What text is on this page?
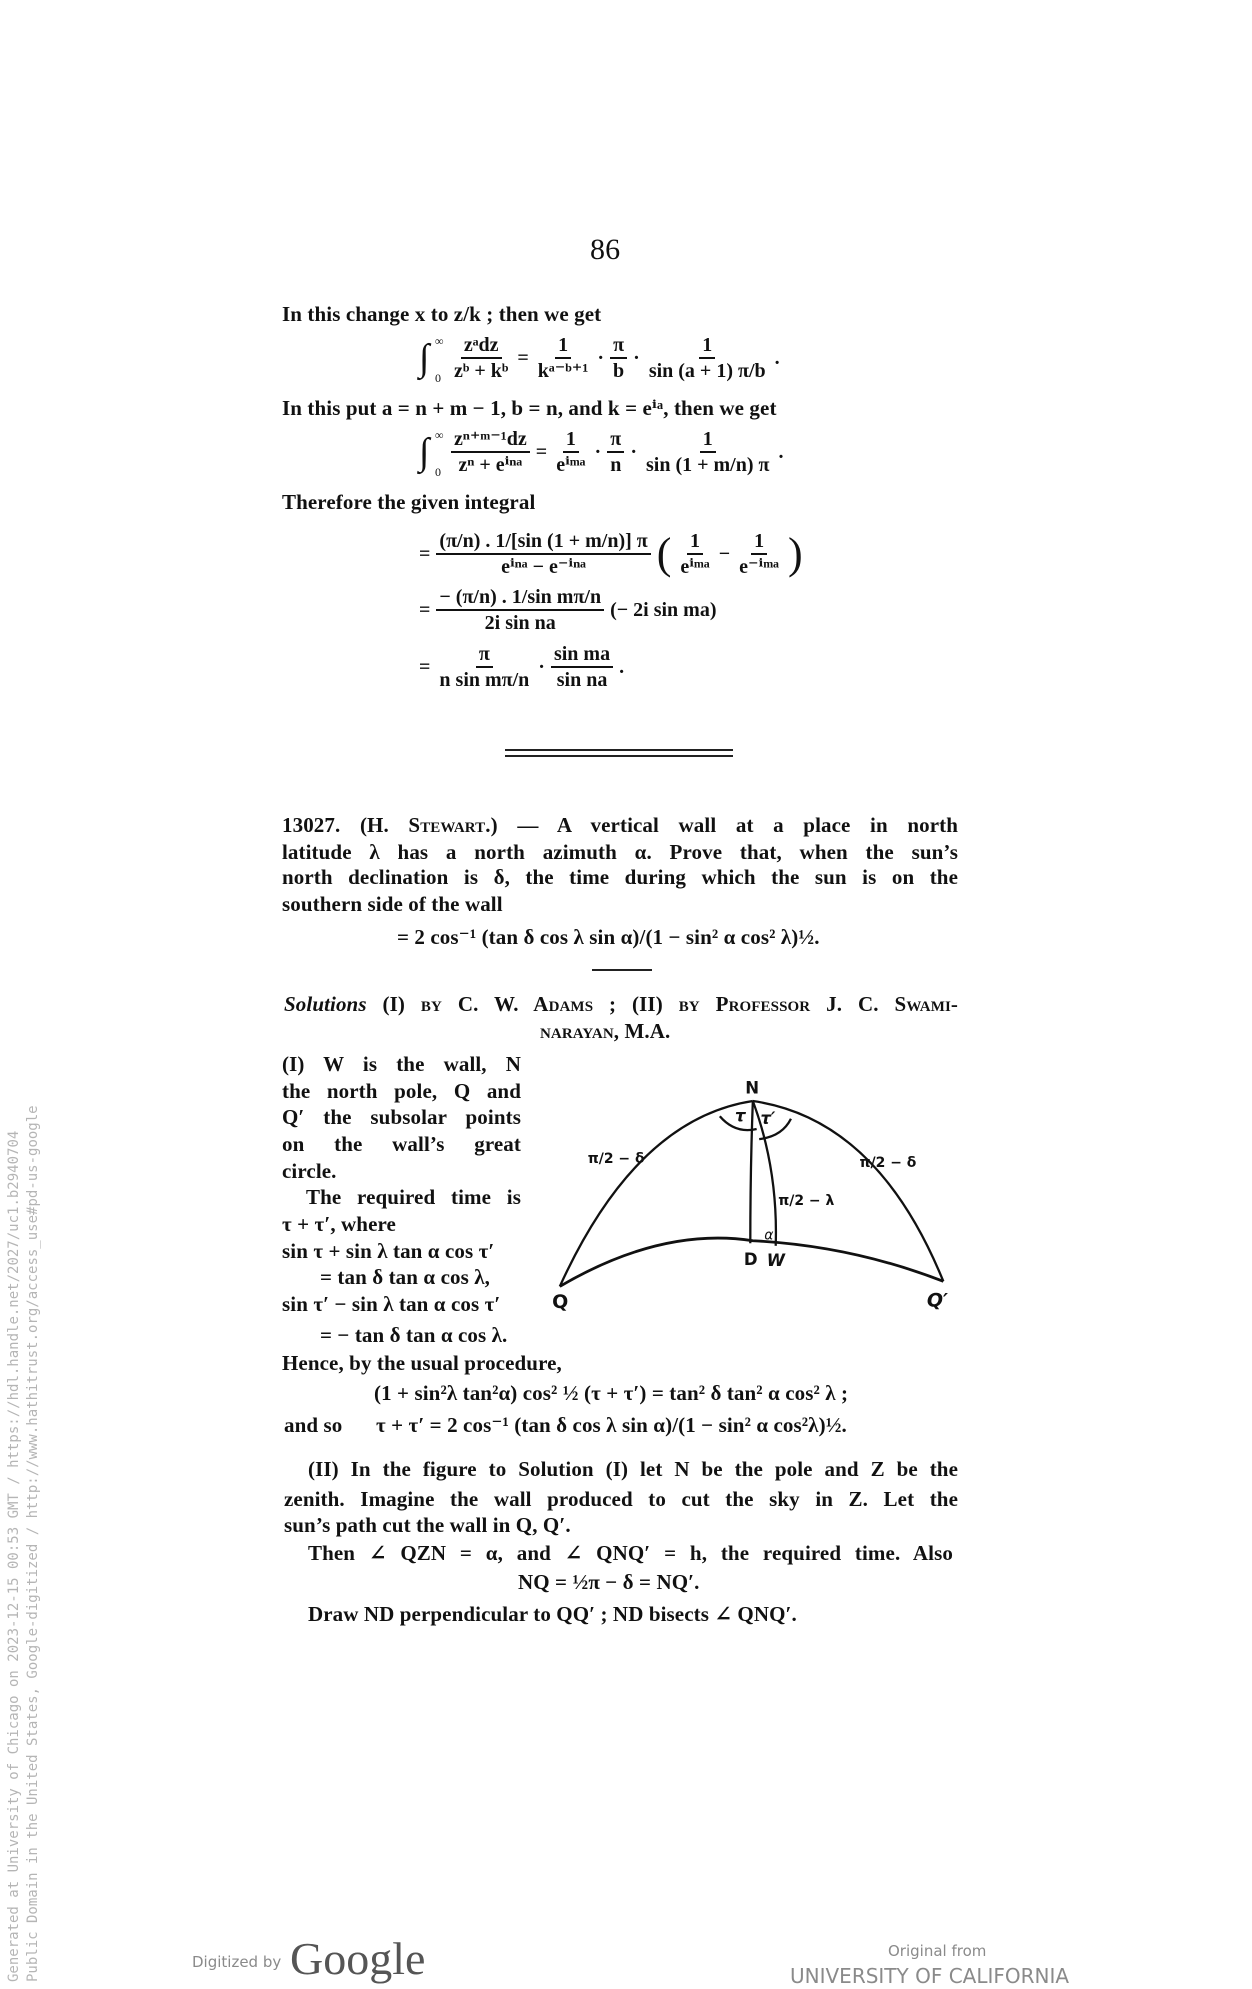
86
In this change x to z/k ; then we get
∫ ∞
$0 \frac{\text{zᵃdz}}{\text{zᵇ + kᵇ}} = \frac{1}{\text{kᵃ⁻ᵇ⁺¹}} \cdot \frac{\pi}{b} \cdot \frac{1}{\sin (a + 1) \pi/b}$ .
In this put a = n + m − 1, b = n, and k = eⁱᵃ, then we get
∫ ∞
$0 \frac{\text{zⁿ⁺ᵐ⁻¹dz}}{\text{zⁿ + eⁱⁿᵃ}} = \frac{1}{\text{eⁱᵐᵃ}} \cdot \frac{\pi}{n} \cdot \frac{1}{\sin (1 + m/n) \pi}$ .
Therefore the given integral
= $\frac{(\pi/n) . 1/[\sin (1 + m/n)] \pi}{\text{eⁱⁿᵃ − e⁻ⁱⁿᵃ}}$ ( $\frac{1}{\text{eⁱᵐᵃ}} - \frac{1}{\text{e⁻ⁱᵐᵃ}}$ )
= $\frac{\text{− (π/n) . 1/sin mπ/n}}{\text{2i sin na}}$ (− 2i sin ma)
= $\frac{\pi}{\text{n sin mπ/n}} \cdot \frac{\text{sin ma}}{\text{sin na}}$ .
13027. (H. Stewart.) — A vertical wall at a place in north
latitude λ has a north azimuth α. Prove that, when the sun’s
north declination is δ, the time during which the sun is on the
southern side of the wall
= 2 cos⁻¹ (tan δ cos λ sin α)/(1 − sin² α cos² λ)½.
Solutions (I) by C. W. Adams ; (II) by Professor J. C. Swami-
narayan, M.A.
(I) W is the wall, N
the north pole, Q and
Q′ the subsolar points
on the wall’s great
circle.
The required time is
τ + τ′, where
sin τ + sin λ tan α cos τ′
= tan δ tan α cos λ,
sin τ′ − sin λ tan α cos τ′
= − tan δ tan α cos λ.
N
τ τ′
π/2 − δ	π/2 − δ
π/2 − λ
α
D W
Q	Q′
Hence, by the usual procedure,
(1 + sin²λ tan²α) cos² ½ (τ + τ′) = tan² δ tan² α cos² λ ;
and so τ + τ′ = 2 cos⁻¹ (tan δ cos λ sin α)/(1 − sin² α cos²λ)½.
(II) In the figure to Solution (I) let N be the pole and Z be the
zenith. Imagine the wall produced to cut the sky in Z. Let the
sun’s path cut the wall in Q, Q′.
Then ∠ QZN = α, and ∠ QNQ′ = h, the required time. Also
NQ = ½π − δ = NQ′.
Draw ND perpendicular to QQ′ ; ND bisects ∠ QNQ′.
Generated at University of Chicago on 2023-12-15 00:53 GMT / https://hdl.handle.net/2027/uc1.b2940704 Public Domain in the United States, Google-digitized / http://www.hathitrust.org/access_use#pd-us-google	Digitized by Google	Original from
UNIVERSITY OF CALIFORNIA
